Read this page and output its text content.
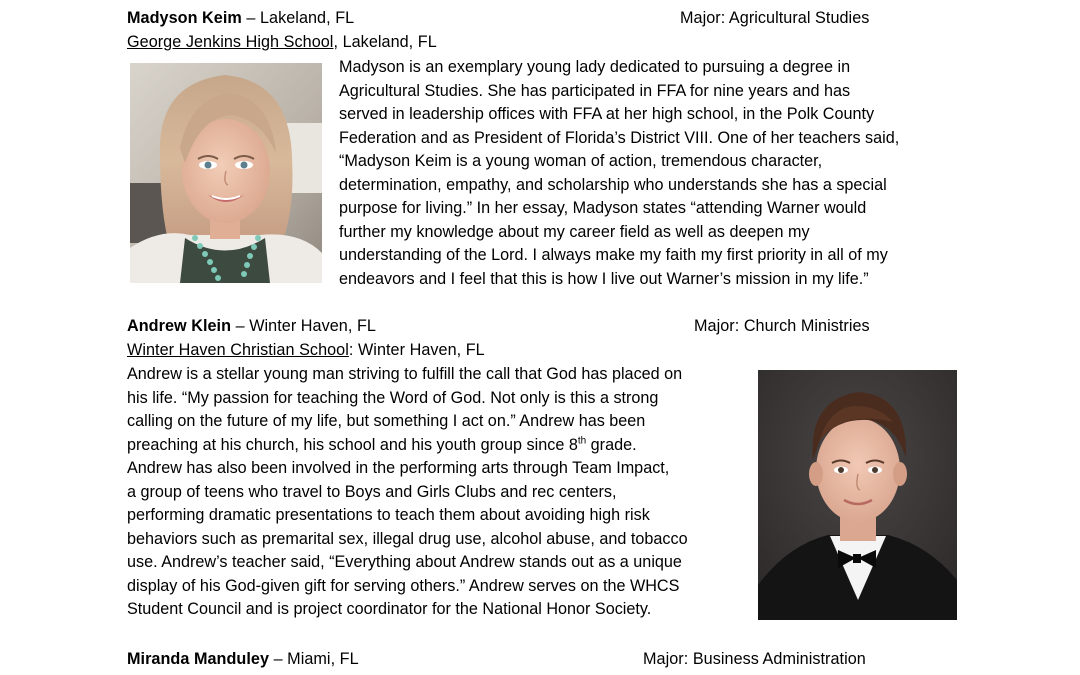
Madyson Keim – Lakeland, FL	Major: Agricultural Studies
George Jenkins High School, Lakeland, FL
Madyson is an exemplary young lady dedicated to pursuing a degree in
Agricultural Studies. She has participated in FFA for nine years and has
served in leadership offices with FFA at her high school, in the Polk County
Federation and as President of Florida’s District VIII. One of her teachers said,
“Madyson Keim is a young woman of action, tremendous character,
determination, empathy, and scholarship who understands she has a special
purpose for living.” In her essay, Madyson states “attending Warner would
further my knowledge about my career field as well as deepen my
understanding of the Lord. I always make my faith my first priority in all of my
endeavors and I feel that this is how I live out Warner’s mission in my life.”
Andrew Klein – Winter Haven, FL	Major: Church Ministries
Winter Haven Christian School: Winter Haven, FL
Andrew is a stellar young man striving to fulfill the call that God has placed on
his life. “My passion for teaching the Word of God. Not only is this a strong
calling on the future of my life, but something I act on.” Andrew has been
preaching at his church, his school and his youth group since 8th grade.
Andrew has also been involved in the performing arts through Team Impact,
a group of teens who travel to Boys and Girls Clubs and rec centers,
performing dramatic presentations to teach them about avoiding high risk
behaviors such as premarital sex, illegal drug use, alcohol abuse, and tobacco
use. Andrew’s teacher said, “Everything about Andrew stands out as a unique
display of his God-given gift for serving others.” Andrew serves on the WHCS
Student Council and is project coordinator for the National Honor Society.
Miranda Manduley – Miami, FL	Major: Business Administration
